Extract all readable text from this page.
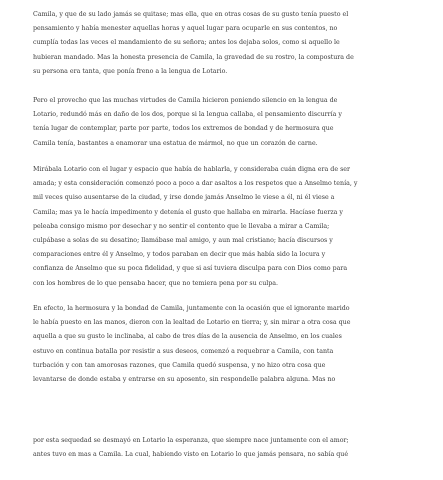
Camila, y que de su lado jamás se quitase; mas ella, que en otras cosas de su gusto tenía puesto el
pensamiento y había menester aquellas horas y aquel lugar para ocuparle en sus contentos, no
cumplía todas las veces el mandamiento de su señora; antes los dejaba solos, como si aquello le
hubieran mandado. Mas la honesta presencia de Camila, la gravedad de su rostro, la compostura de
su persona era tanta, que ponía freno a la lengua de Lotario.
Pero el provecho que las muchas virtudes de Camila hicieron poniendo silencio en la lengua de
Lotario, redundó más en daño de los dos, porque si la lengua callaba, el pensamiento discurría y
tenía lugar de contemplar, parte por parte, todos los extremos de bondad y de hermosura que
Camila tenía, bastantes a enamorar una estatua de mármol, no que un corazón de carne.
Mirábala Lotario con el lugar y espacio que había de hablarla, y consideraba cuán digna era de ser
amada; y esta consideración comenzó poco a poco a dar asaltos a los respetos que a Anselmo tenía, y
mil veces quiso ausentarse de la ciudad, y irse donde jamás Anselmo le viese a él, ni él viese a
Camila; mas ya le hacía impedimento y detenía el gusto que hallaba en mirarla. Hacíase fuerza y
peleaba consigo mismo por desechar y no sentir el contento que le llevaba a mirar a Camila;
culpábase a solas de su desatino; llamábase mal amigo, y aun mal cristiano; hacía discursos y
comparaciones entre él y Anselmo, y todos paraban en decir que más había sido la locura y
confianza de Anselmo que su poca fidelidad, y que si así tuviera disculpa para con Dios como para
con los hombres de lo que pensaba hacer, que no temiera pena por su culpa.
En efecto, la hermosura y la bondad de Camila, juntamente con la ocasión que el ignorante marido
le había puesto en las manos, dieron con la lealtad de Lotario en tierra; y, sin mirar a otra cosa que
aquella a que su gusto le inclinaba, al cabo de tres días de la ausencia de Anselmo, en los cuales
estuvo en continua batalla por resistir a sus deseos, comenzó a requebrar a Camila, con tanta
turbación y con tan amorosas razones, que Camila quedó suspensa, y no hizo otra cosa que
levantarse de donde estaba y entrarse en su aposento, sin respondelle palabra alguna. Mas no
por esta sequedad se desmayó en Lotario la esperanza, que siempre nace juntamente con el amor;
antes tuvo en mas a Camila. La cual, habiendo visto en Lotario lo que jamás pensara, no sabía qué
